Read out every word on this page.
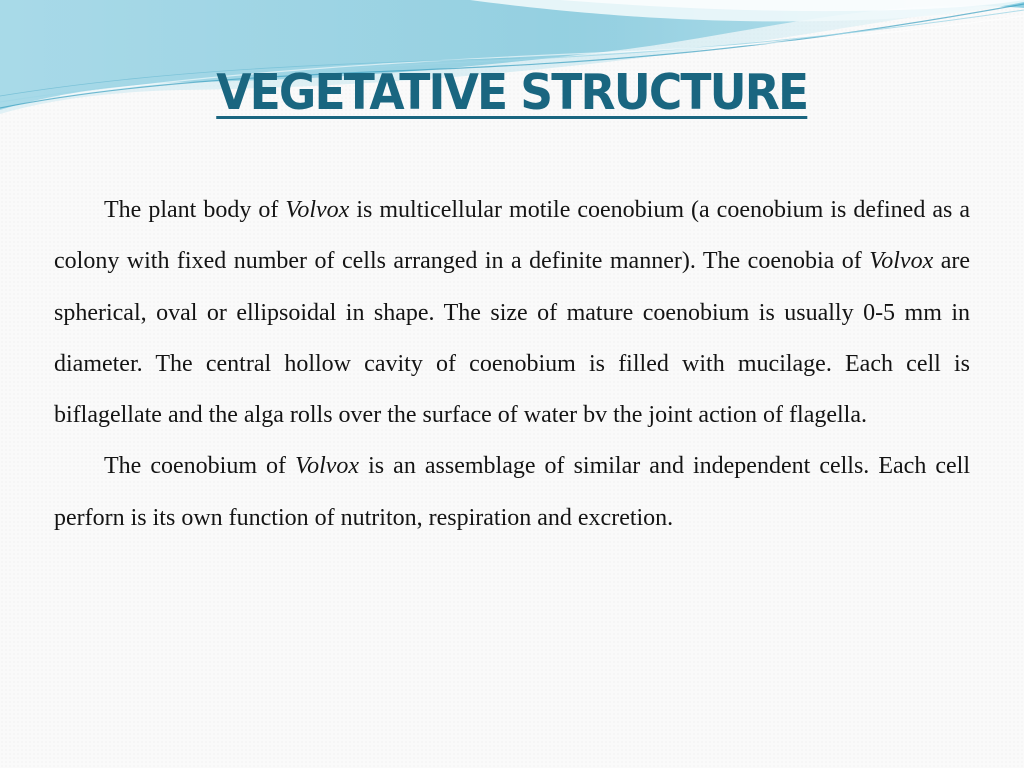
VEGETATIVE STRUCTURE

The plant body of Volvox is multicellular motile coenobium (a coenobium is defined as a colony with fixed number of cells arranged in a definite manner). The coenobia of Volvox are spherical, oval or ellipsoidal in shape. The size of mature coenobium is usually 0-5 mm in diameter. The central hollow cavity of coenobium is filled with mucilage. Each cell is biflagellate and the alga rolls over the surface of water bv the joint action of flagella.

The coenobium of Volvox is an assemblage of similar and independent cells. Each cell perforn is its own function of nutriton, respiration and excretion.
